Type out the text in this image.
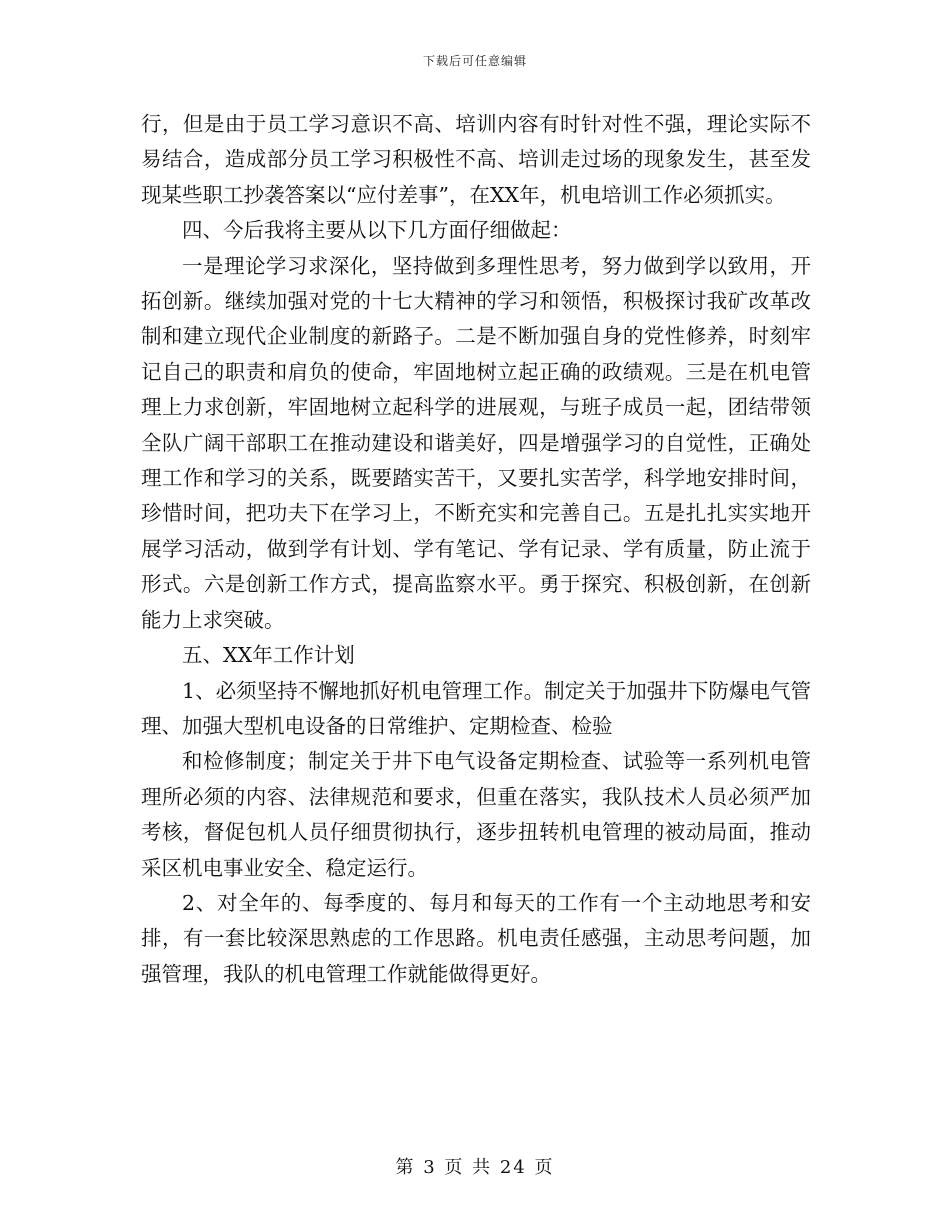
下载后可任意编辑

行，但是由于员工学习意识不高、培训内容有时针对性不强，理论实际不易结合，造成部分员工学习积极性不高、培训走过场的现象发生，甚至发现某些职工抄袭答案以“应付差事”，在XX年，机电培训工作必须抓实。

四、今后我将主要从以下几方面仔细做起：

一是理论学习求深化，坚持做到多理性思考，努力做到学以致用，开拓创新。继续加强对党的十七大精神的学习和领悟，积极探讨我矿改革改制和建立现代企业制度的新路子。二是不断加强自身的党性修养，时刻牢记自己的职责和肩负的使命，牢固地树立起正确的政绩观。三是在机电管理上力求创新，牢固地树立起科学的进展观，与班子成员一起，团结带领全队广阔干部职工在推动建设和谐美好，四是增强学习的自觉性，正确处理工作和学习的关系，既要踏实苦干，又要扎实苦学，科学地安排时间，珍惜时间，把功夫下在学习上，不断充实和完善自己。五是扎扎实实地开展学习活动，做到学有计划、学有笔记、学有记录、学有质量，防止流于形式。六是创新工作方式，提高监察水平。勇于探究、积极创新，在创新能力上求突破。

五、XX年工作计划

1、必须坚持不懈地抓好机电管理工作。制定关于加强井下防爆电气管理、加强大型机电设备的日常维护、定期检查、检验

和检修制度；制定关于井下电气设备定期检查、试验等一系列机电管理所必须的内容、法律规范和要求，但重在落实，我队技术人员必须严加考核，督促包机人员仔细贯彻执行，逐步扭转机电管理的被动局面，推动采区机电事业安全、稳定运行。

2、对全年的、每季度的、每月和每天的工作有一个主动地思考和安排，有一套比较深思熟虑的工作思路。机电责任感强，主动思考问题，加强管理，我队的机电管理工作就能做得更好。

第 3 页 共 24 页
